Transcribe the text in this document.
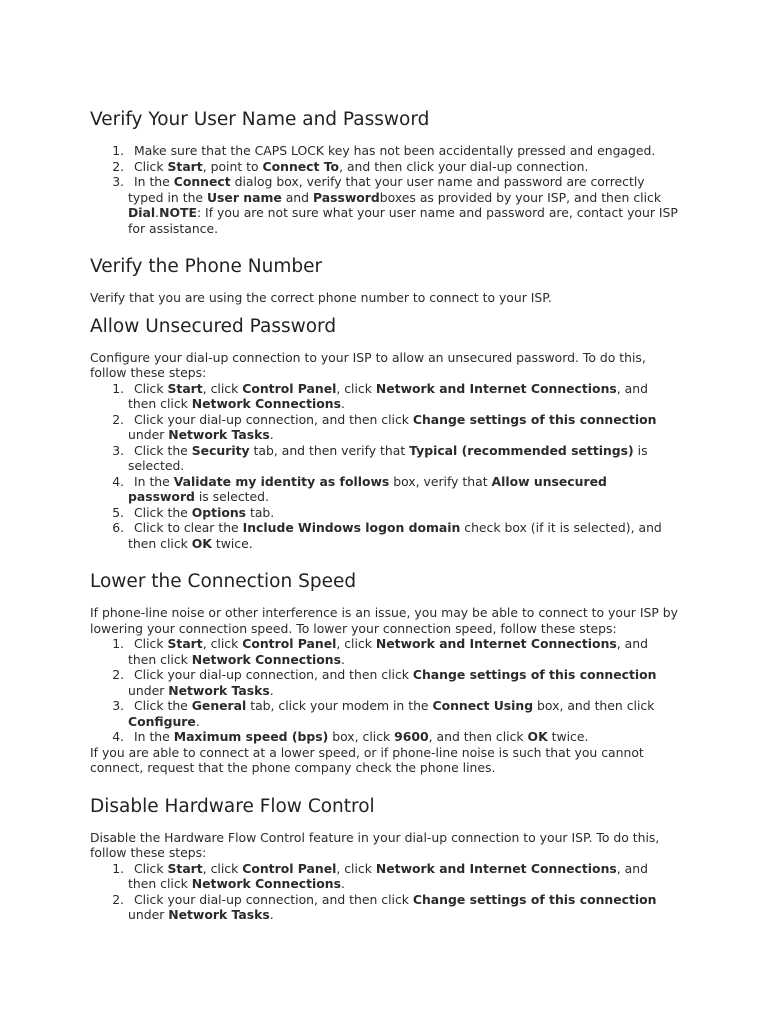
Verify Your User Name and Password
1. Make sure that the CAPS LOCK key has not been accidentally pressed and engaged.
2. Click Start, point to Connect To, and then click your dial-up connection.
3. In the Connect dialog box, verify that your user name and password are correctly typed in the User name and Passwordboxes as provided by your ISP, and then click Dial.NOTE: If you are not sure what your user name and password are, contact your ISP for assistance.
Verify the Phone Number

Verify that you are using the correct phone number to connect to your ISP.

Allow Unsecured Password

Configure your dial-up connection to your ISP to allow an unsecured password. To do this, follow these steps:

1. Click Start, click Control Panel, click Network and Internet Connections, and then click Network Connections.
2. Click your dial-up connection, and then click Change settings of this connection under Network Tasks.
3. Click the Security tab, and then verify that Typical (recommended settings) is selected.
4. In the Validate my identity as follows box, verify that Allow unsecured password is selected.
5. Click the Options tab.
6. Click to clear the Include Windows logon domain check box (if it is selected), and then click OK twice.
Lower the Connection Speed

If phone-line noise or other interference is an issue, you may be able to connect to your ISP by lowering your connection speed. To lower your connection speed, follow these steps:

1. Click Start, click Control Panel, click Network and Internet Connections, and then click Network Connections.
2. Click your dial-up connection, and then click Change settings of this connection under Network Tasks.
3. Click the General tab, click your modem in the Connect Using box, and then click Configure.
4. In the Maximum speed (bps) box, click 9600, and then click OK twice.

If you are able to connect at a lower speed, or if phone-line noise is such that you cannot connect, request that the phone company check the phone lines.

Disable Hardware Flow Control

Disable the Hardware Flow Control feature in your dial-up connection to your ISP. To do this, follow these steps:

1. Click Start, click Control Panel, click Network and Internet Connections, and then click Network Connections.
2. Click your dial-up connection, and then click Change settings of this connection under Network Tasks.
